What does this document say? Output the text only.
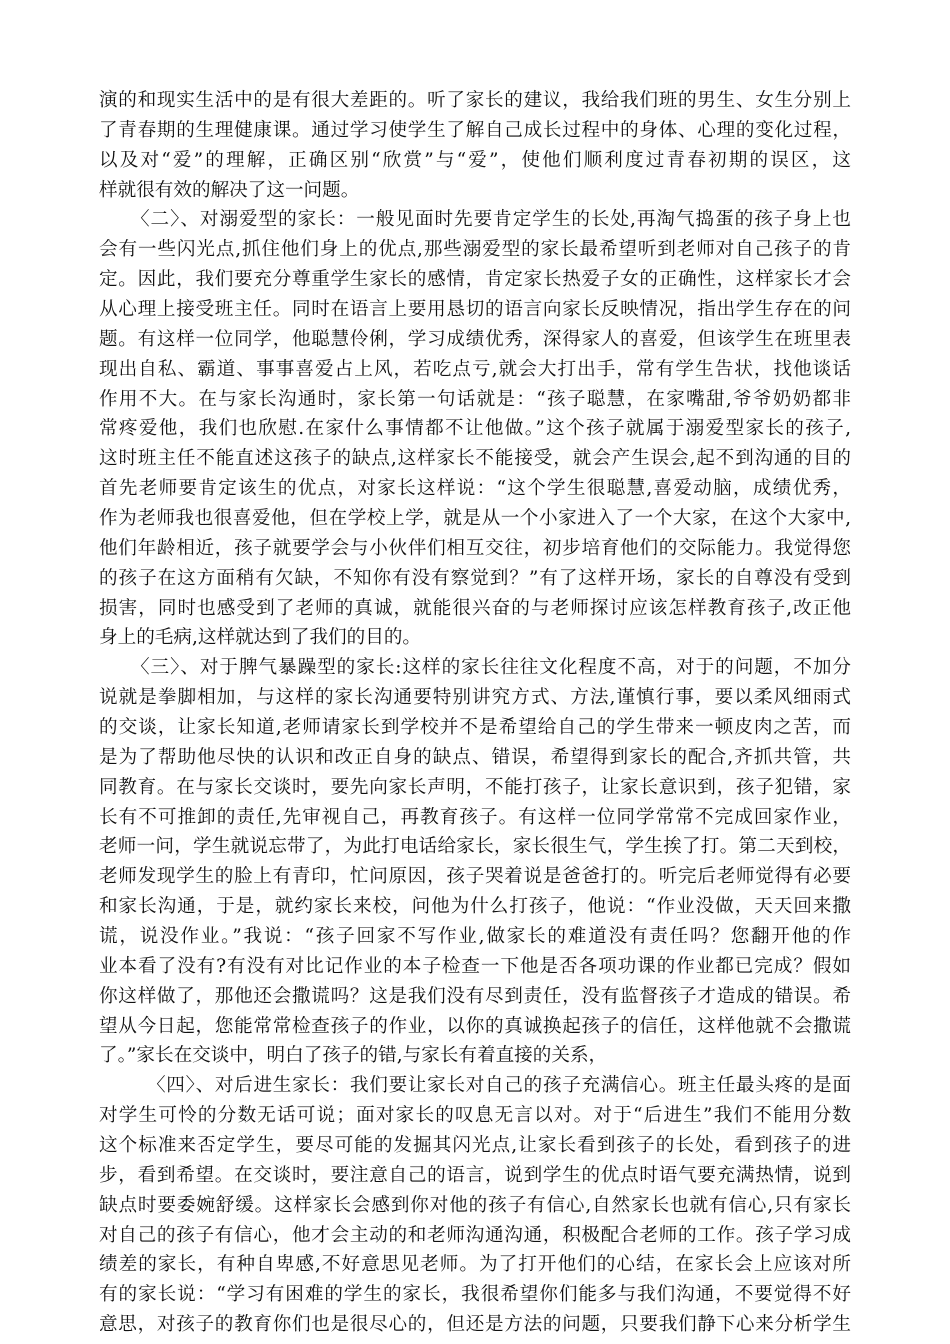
演的和现实生活中的是有很大差距的。听了家长的建议，我给我们班的男生、女生分别上
了青春期的生理健康课。通过学习使学生了解自己成长过程中的身体、心理的变化过程，
以及对“爱”的理解，正确区别“欣赏”与“爱”，使他们顺利度过青春初期的误区，这
样就很有效的解决了这一问题。
〈二〉、对溺爱型的家长：一般见面时先要肯定学生的长处,再淘气捣蛋的孩子身上也
会有一些闪光点,抓住他们身上的优点,那些溺爱型的家长最希望听到老师对自己孩子的肯
定。因此，我们要充分尊重学生家长的感情，肯定家长热爱子女的正确性，这样家长才会
从心理上接受班主任。同时在语言上要用恳切的语言向家长反映情况，指出学生存在的问
题。有这样一位同学，他聪慧伶俐，学习成绩优秀，深得家人的喜爱，但该学生在班里表
现出自私、霸道、事事喜爱占上风，若吃点亏,就会大打出手，常有学生告状，找他谈话
作用不大。在与家长沟通时，家长第一句话就是：“孩子聪慧，在家嘴甜,爷爷奶奶都非
常疼爱他，我们也欣慰.在家什么事情都不让他做。”这个孩子就属于溺爱型家长的孩子,
这时班主任不能直述这孩子的缺点,这样家长不能接受，就会产生误会,起不到沟通的目的
首先老师要肯定该生的优点，对家长这样说：“这个学生很聪慧,喜爱动脑，成绩优秀，
作为老师我也很喜爱他，但在学校上学，就是从一个小家进入了一个大家，在这个大家中,
他们年龄相近，孩子就要学会与小伙伴们相互交往，初步培育他们的交际能力。我觉得您
的孩子在这方面稍有欠缺，不知你有没有察觉到？”有了这样开场，家长的自尊没有受到
损害，同时也感受到了老师的真诚，就能很兴奋的与老师探讨应该怎样教育孩子,改正他
身上的毛病,这样就达到了我们的目的。
〈三〉、对于脾气暴躁型的家长:这样的家长往往文化程度不高，对于的问题，不加分
说就是拳脚相加，与这样的家长沟通要特别讲究方式、方法,谨慎行事，要以柔风细雨式
的交谈，让家长知道,老师请家长到学校并不是希望给自己的学生带来一顿皮肉之苦，而
是为了帮助他尽快的认识和改正自身的缺点、错误，希望得到家长的配合,齐抓共管，共
同教育。在与家长交谈时，要先向家长声明，不能打孩子，让家长意识到，孩子犯错，家
长有不可推卸的责任,先审视自己，再教育孩子。有这样一位同学常常不完成回家作业，
老师一问，学生就说忘带了，为此打电话给家长，家长很生气，学生挨了打。第二天到校，
老师发现学生的脸上有青印，忙问原因，孩子哭着说是爸爸打的。听完后老师觉得有必要
和家长沟通，于是，就约家长来校，问他为什么打孩子，他说：“作业没做，天天回来撒
谎，说没作业。”我说：“孩子回家不写作业,做家长的难道没有责任吗？您翻开他的作
业本看了没有?有没有对比记作业的本子检查一下他是否各项功课的作业都已完成？假如
你这样做了，那他还会撒谎吗？这是我们没有尽到责任，没有监督孩子才造成的错误。希
望从今日起，您能常常检查孩子的作业，以你的真诚换起孩子的信任，这样他就不会撒谎
了。”家长在交谈中，明白了孩子的错,与家长有着直接的关系，
〈四〉、对后进生家长：我们要让家长对自己的孩子充满信心。班主任最头疼的是面
对学生可怜的分数无话可说；面对家长的叹息无言以对。对于“后进生”我们不能用分数
这个标准来否定学生，要尽可能的发掘其闪光点,让家长看到孩子的长处，看到孩子的进
步，看到希望。在交谈时，要注意自己的语言，说到学生的优点时语气要充满热情，说到
缺点时要委婉舒缓。这样家长会感到你对他的孩子有信心,自然家长也就有信心,只有家长
对自己的孩子有信心，他才会主动的和老师沟通沟通，积极配合老师的工作。孩子学习成
绩差的家长，有种自卑感,不好意思见老师。为了打开他们的心结，在家长会上应该对所
有的家长说：“学习有困难的学生的家长，我很希望你们能多与我们沟通，不要觉得不好
意思，对孩子的教育你们也是很尽心的，但还是方法的问题，只要我们静下心来分析学生
